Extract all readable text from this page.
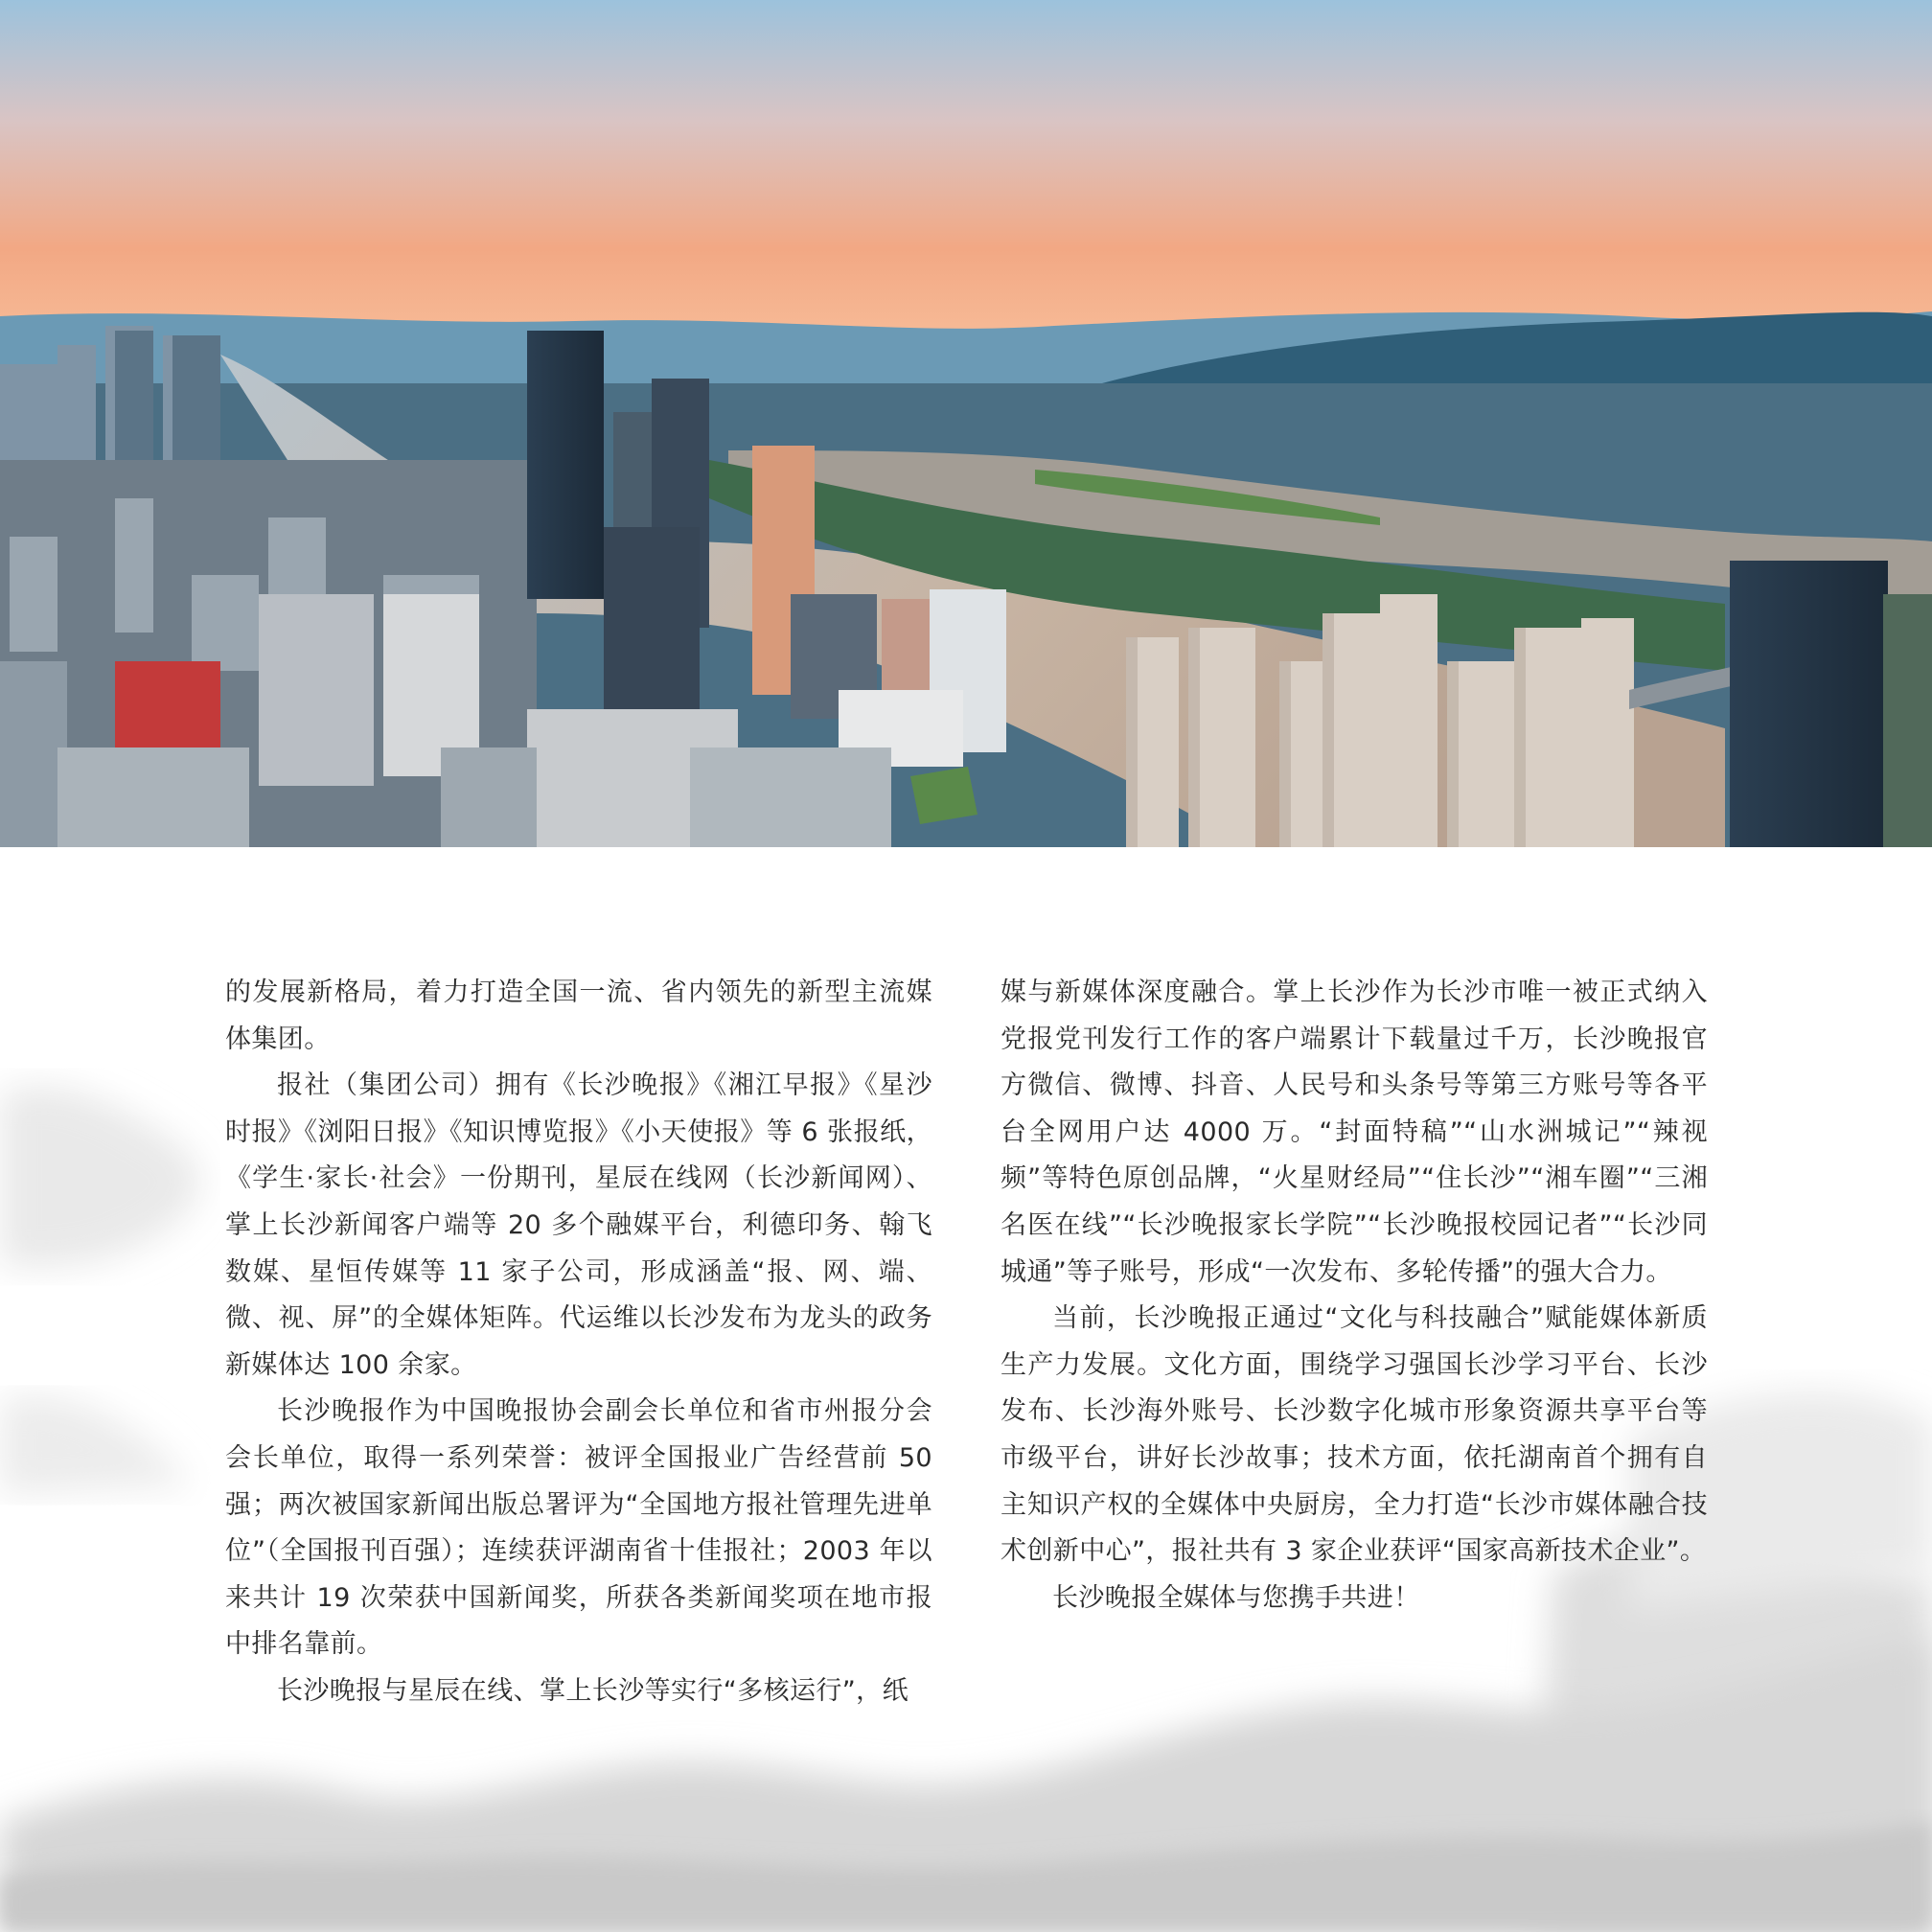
的发展新格局，着力打造全国一流、省内领先的新型主流媒体集团。

报社（集团公司）拥有《长沙晚报》《湘江早报》《星沙时报》《浏阳日报》《知识博览报》《小天使报》等 6 张报纸，《学生·家长·社会》一份期刊，星辰在线网（长沙新闻网）、掌上长沙新闻客户端等 20 多个融媒平台，利德印务、翰飞数媒、星恒传媒等 11 家子公司，形成涵盖“报、网、端、微、视、屏”的全媒体矩阵。代运维以长沙发布为龙头的政务新媒体达 100 余家。

长沙晚报作为中国晚报协会副会长单位和省市州报分会会长单位，取得一系列荣誉：被评全国报业广告经营前 50 强；两次被国家新闻出版总署评为“全国地方报社管理先进单位”（全国报刊百强）；连续获评湖南省十佳报社；2003 年以来共计 19 次荣获中国新闻奖，所获各类新闻奖项在地市报中排名靠前。

长沙晚报与星辰在线、掌上长沙等实行“多核运行”，纸

媒与新媒体深度融合。掌上长沙作为长沙市唯一被正式纳入党报党刊发行工作的客户端累计下载量过千万，长沙晚报官方微信、微博、抖音、人民号和头条号等第三方账号等各平台全网用户达 4000 万。“封面特稿”“山水洲城记”“辣视频”等特色原创品牌，“火星财经局”“住长沙”“湘车圈”“三湘名医在线”“长沙晚报家长学院”“长沙晚报校园记者”“长沙同城通”等子账号，形成“一次发布、多轮传播”的强大合力。

当前，长沙晚报正通过“文化与科技融合”赋能媒体新质生产力发展。文化方面，围绕学习强国长沙学习平台、长沙发布、长沙海外账号、长沙数字化城市形象资源共享平台等市级平台，讲好长沙故事；技术方面，依托湖南首个拥有自主知识产权的全媒体中央厨房，全力打造“长沙市媒体融合技术创新中心”，报社共有 3 家企业获评“国家高新技术企业”。

长沙晚报全媒体与您携手共进！
